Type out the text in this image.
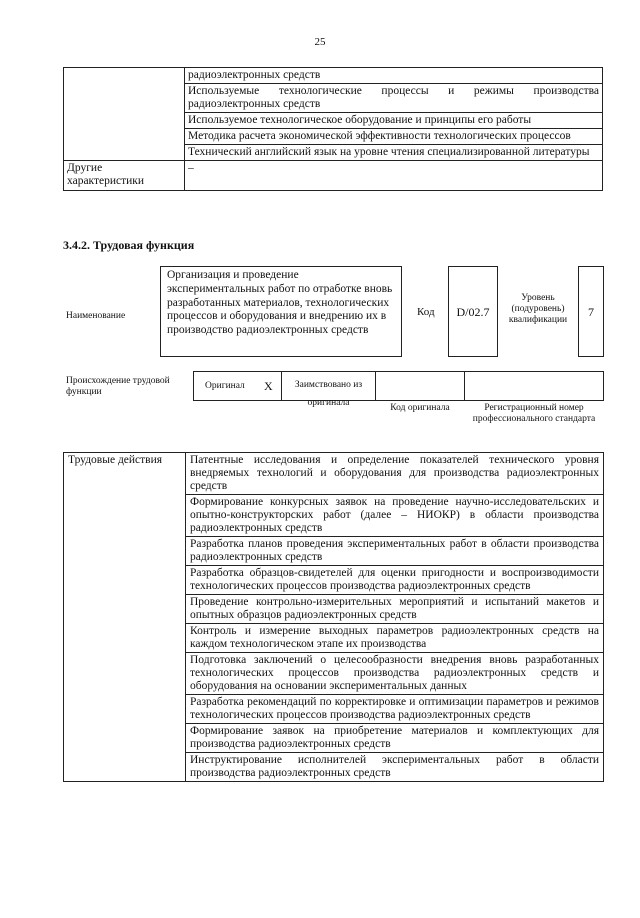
25
	радиоэлектронных средств
	Используемые технологические процессы и режимы производства радиоэлектронных средств
	Используемое технологическое оборудование и принципы его работы
	Методика расчета экономической эффективности технологических процессов
	Технический английский язык на уровне чтения специализированной литературы
Другие характеристики	–
3.4.2. Трудовая функция
Наименование
Организация и проведение экспериментальных работ по отработке вновь разработанных материалов, технологических процессов и оборудования и внедрению их в производство радиоэлектронных средств
Код	D/02.7
Уровень (подуровень) квалификации
7
Происхождение трудовой функции
Оригинал X	Заимствовано из оригинала	Код оригинала	Регистрационный номер профессионального стандарта
Трудовые действия	Патентные исследования и определение показателей технического уровня внедряемых технологий и оборудования для производства радиоэлектронных средств
Формирование конкурсных заявок на проведение научно-исследовательских и опытно-конструкторских работ (далее – НИОКР) в области производства радиоэлектронных средств
Разработка планов проведения экспериментальных работ в области производства радиоэлектронных средств
Разработка образцов-свидетелей для оценки пригодности и воспроизводимости технологических процессов производства радиоэлектронных средств
Проведение контрольно-измерительных мероприятий и испытаний макетов и опытных образцов радиоэлектронных средств
Контроль и измерение выходных параметров радиоэлектронных средств на каждом технологическом этапе их производства
Подготовка заключений о целесообразности внедрения вновь разработанных технологических процессов производства радиоэлектронных средств и оборудования на основании экспериментальных данных
Разработка рекомендаций по корректировке и оптимизации параметров и режимов технологических процессов производства радиоэлектронных средств
Формирование заявок на приобретение материалов и комплектующих для производства радиоэлектронных средств
Инструктирование исполнителей экспериментальных работ в области производства радиоэлектронных средств
